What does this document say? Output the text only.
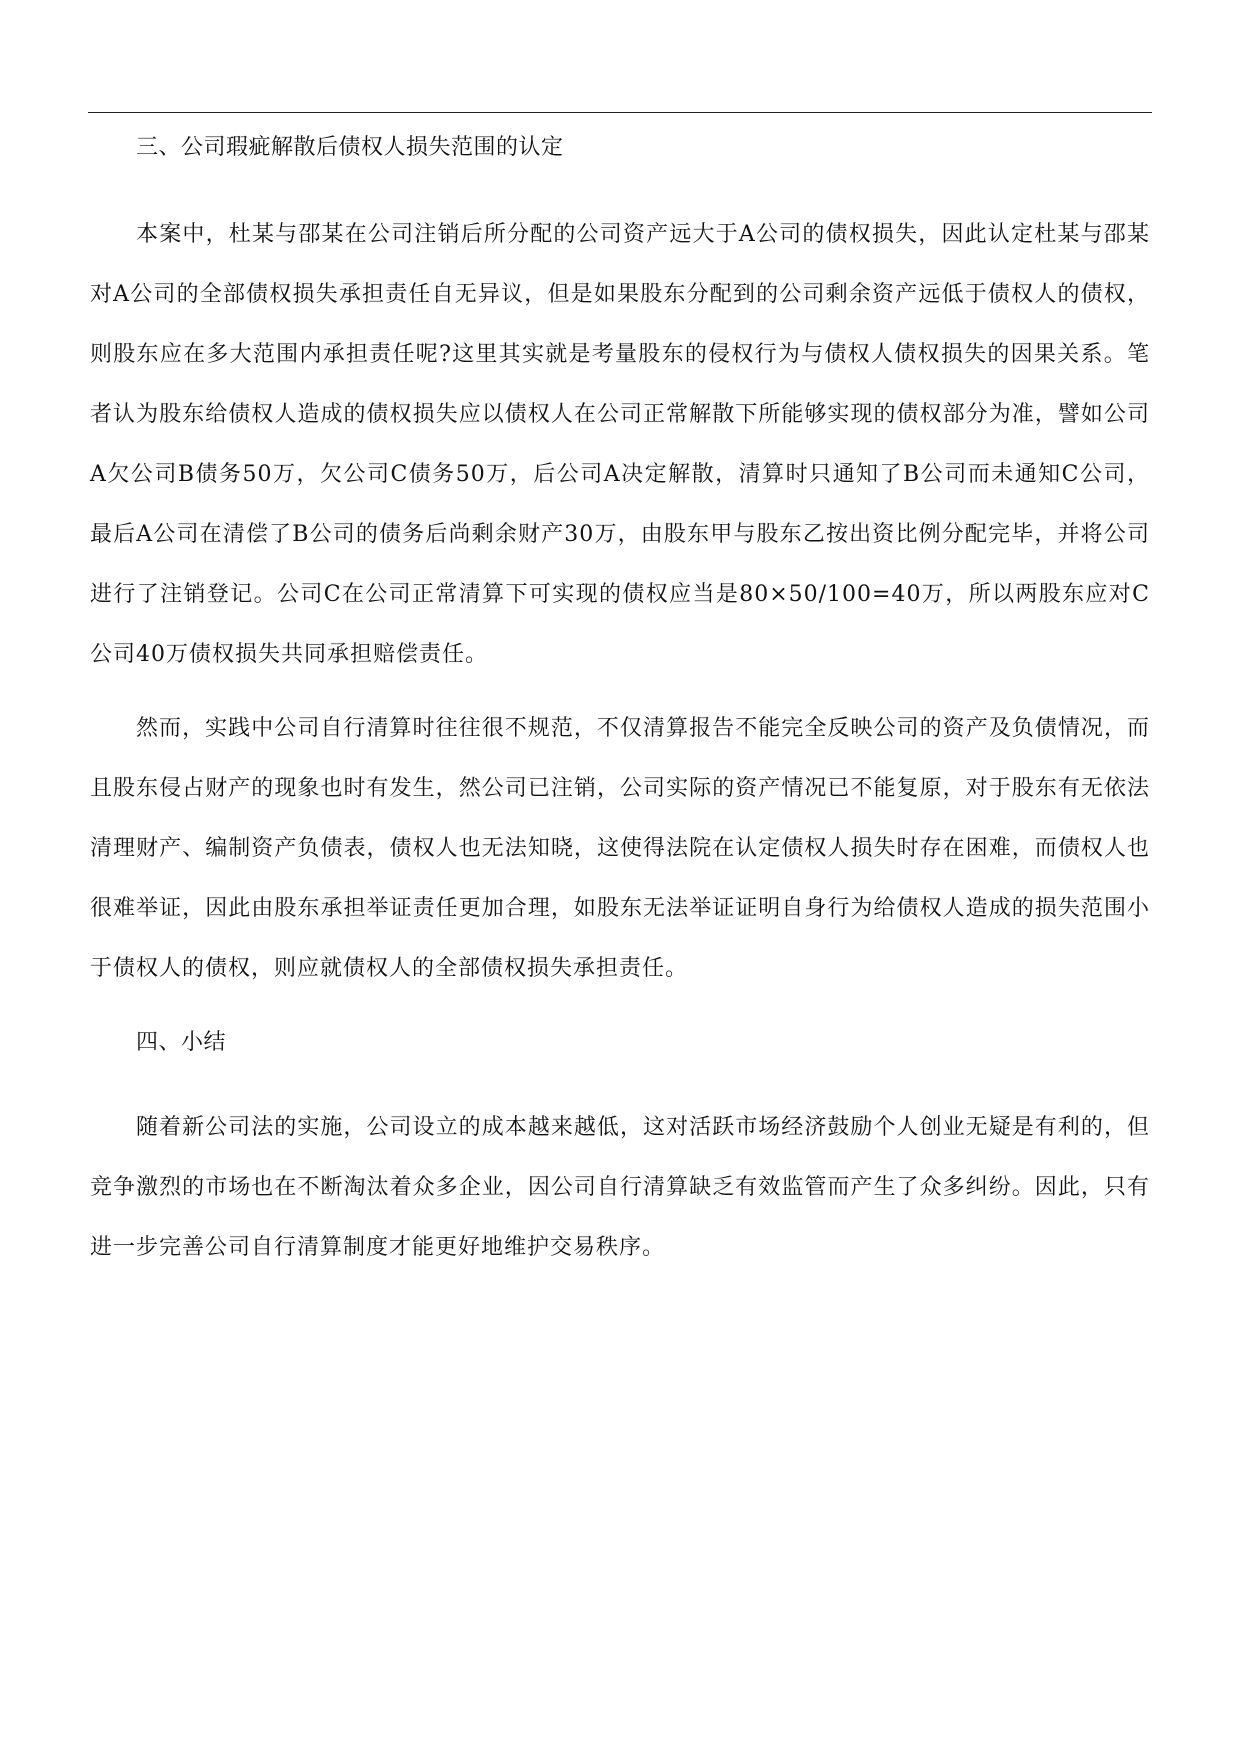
三、公司瑕疵解散后债权人损失范围的认定

本案中，杜某与邵某在公司注销后所分配的公司资产远大于A公司的债权损失，因此认定杜某与邵某对A公司的全部债权损失承担责任自无异议，但是如果股东分配到的公司剩余资产远低于债权人的债权，则股东应在多大范围内承担责任呢?这里其实就是考量股东的侵权行为与债权人债权损失的因果关系。笔者认为股东给债权人造成的债权损失应以债权人在公司正常解散下所能够实现的债权部分为准，譬如公司A欠公司B债务50万，欠公司C债务50万，后公司A决定解散，清算时只通知了B公司而未通知C公司，最后A公司在清偿了B公司的债务后尚剩余财产30万，由股东甲与股东乙按出资比例分配完毕，并将公司进行了注销登记。公司C在公司正常清算下可实现的债权应当是80×50/100=40万，所以两股东应对C公司40万债权损失共同承担赔偿责任。

然而，实践中公司自行清算时往往很不规范，不仅清算报告不能完全反映公司的资产及负债情况，而且股东侵占财产的现象也时有发生，然公司已注销，公司实际的资产情况已不能复原，对于股东有无依法清理财产、编制资产负债表，债权人也无法知晓，这使得法院在认定债权人损失时存在困难，而债权人也很难举证，因此由股东承担举证责任更加合理，如股东无法举证证明自身行为给债权人造成的损失范围小于债权人的债权，则应就债权人的全部债权损失承担责任。

四、小结

随着新公司法的实施，公司设立的成本越来越低，这对活跃市场经济鼓励个人创业无疑是有利的，但竞争激烈的市场也在不断淘汰着众多企业，因公司自行清算缺乏有效监管而产生了众多纠纷。因此，只有进一步完善公司自行清算制度才能更好地维护交易秩序。
